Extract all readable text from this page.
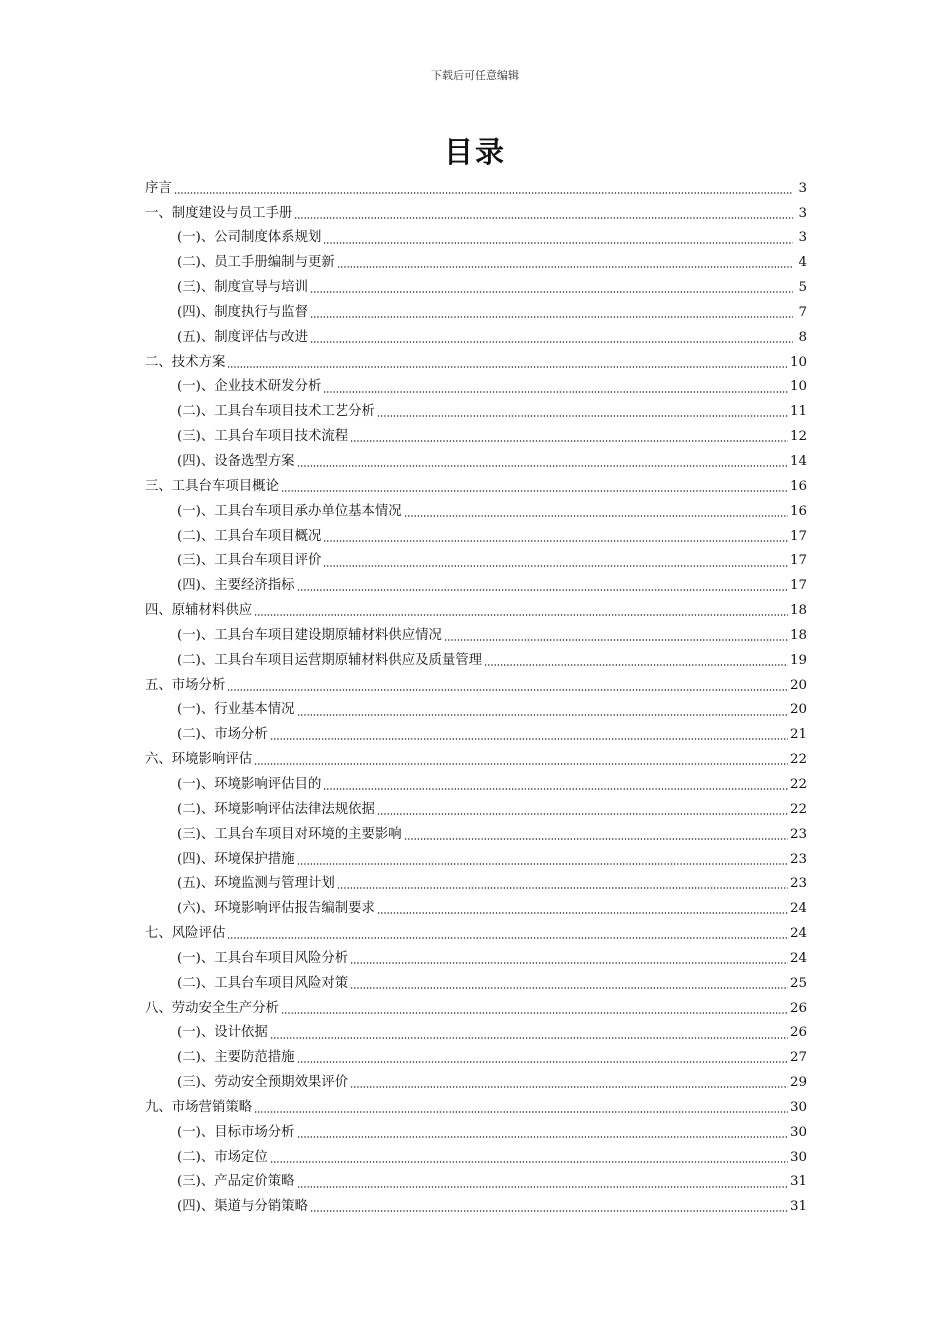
下载后可任意编辑
目录
序言	3
一、制度建设与员工手册	3
(一)、公司制度体系规划	3
(二)、员工手册编制与更新	4
(三)、制度宣导与培训	5
(四)、制度执行与监督	7
(五)、制度评估与改进	8
二、技术方案	10
(一)、企业技术研发分析	10
(二)、工具台车项目技术工艺分析	11
(三)、工具台车项目技术流程	12
(四)、设备选型方案	14
三、工具台车项目概论	16
(一)、工具台车项目承办单位基本情况	16
(二)、工具台车项目概况	17
(三)、工具台车项目评价	17
(四)、主要经济指标	17
四、原辅材料供应	18
(一)、工具台车项目建设期原辅材料供应情况	18
(二)、工具台车项目运营期原辅材料供应及质量管理	19
五、市场分析	20
(一)、行业基本情况	20
(二)、市场分析	21
六、环境影响评估	22
(一)、环境影响评估目的	22
(二)、环境影响评估法律法规依据	22
(三)、工具台车项目对环境的主要影响	23
(四)、环境保护措施	23
(五)、环境监测与管理计划	23
(六)、环境影响评估报告编制要求	24
七、风险评估	24
(一)、工具台车项目风险分析	24
(二)、工具台车项目风险对策	25
八、劳动安全生产分析	26
(一)、设计依据	26
(二)、主要防范措施	27
(三)、劳动安全预期效果评价	29
九、市场营销策略	30
(一)、目标市场分析	30
(二)、市场定位	30
(三)、产品定价策略	31
(四)、渠道与分销策略	31
